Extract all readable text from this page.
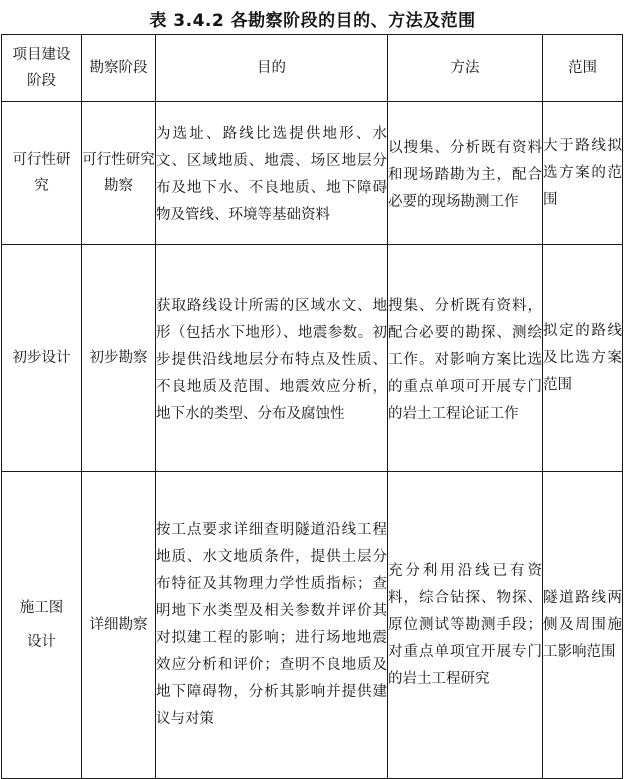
表 3.4.2 各勘察阶段的目的、方法及范围
项目建设阶段	勘察阶段	目的	方法	范围
可行性研究	可行性研究勘察	为选址、路线比选提供地形、水文、区域地质、地震、场区地层分布及地下水、不良地质、地下障碍物及管线、环境等基础资料	以搜集、分析既有资料和现场踏勘为主，配合必要的现场勘测工作	大于路线拟选方案的范围
初步设计	初步勘察	获取路线设计所需的区域水文、地形（包括水下地形）、地震参数。初步提供沿线地层分布特点及性质、不良地质及范围、地震效应分析，地下水的类型、分布及腐蚀性	搜集、分析既有资料，配合必要的勘探、测绘工作。对影响方案比选的重点单项可开展专门的岩土工程论证工作	拟定的路线及比选方案范围
施工图设计	详细勘察	按工点要求详细查明隧道沿线工程地质、水文地质条件，提供土层分布特征及其物理力学性质指标；查明地下水类型及相关参数并评价其对拟建工程的影响；进行场地地震效应分析和评价；查明不良地质及地下障碍物，分析其影响并提供建议与对策	充分利用沿线已有资料，综合钻探、物探、原位测试等勘测手段；对重点单项宜开展专门的岩土工程研究	隧道路线两侧及周围施工影响范围
